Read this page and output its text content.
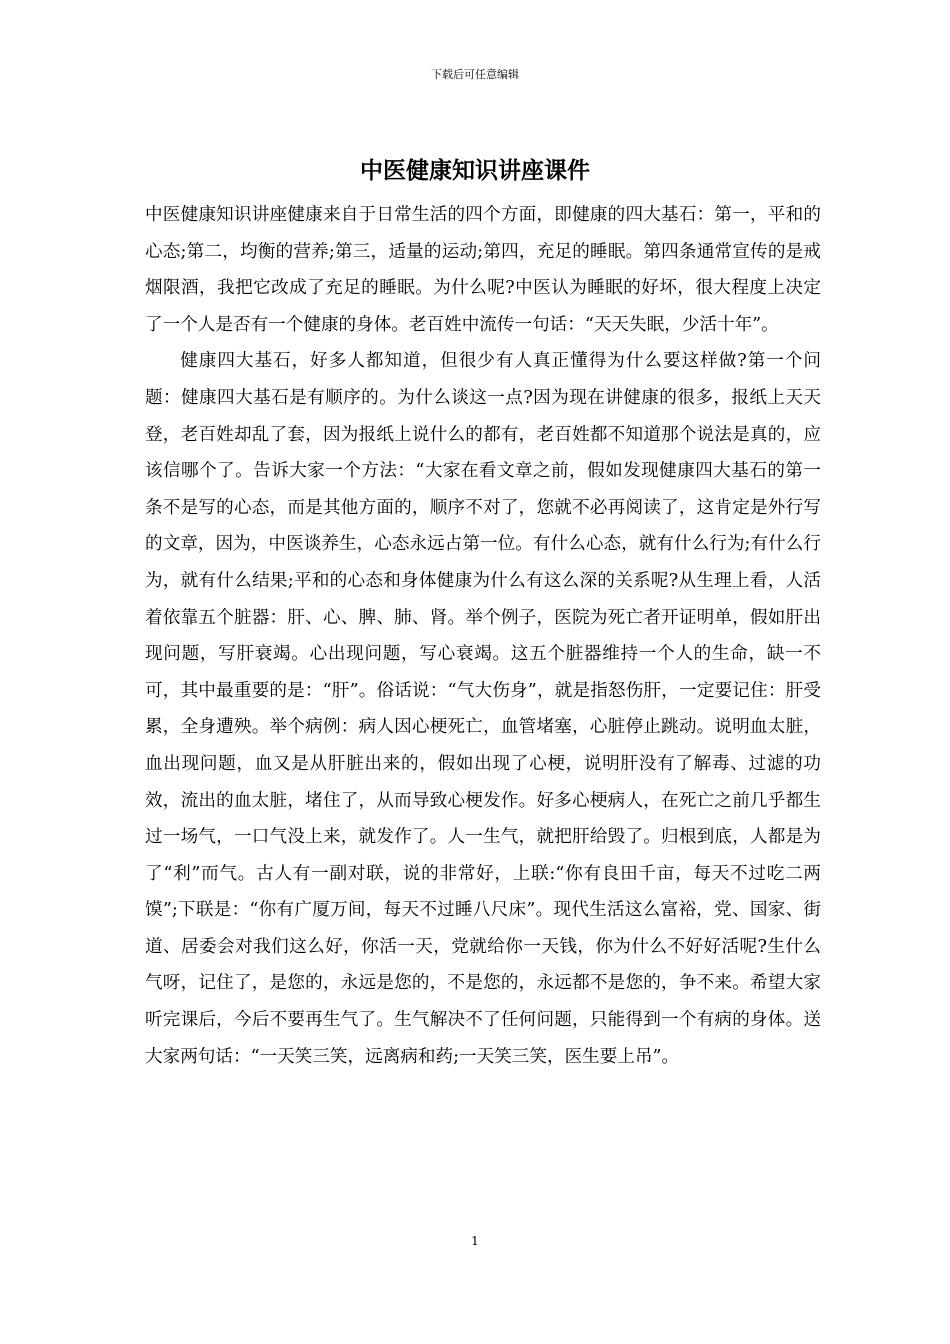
下载后可任意编辑
中医健康知识讲座课件

中医健康知识讲座健康来自于日常生活的四个方面，即健康的四大基石：第一，平和的心态;第二，均衡的营养;第三，适量的运动;第四，充足的睡眠。第四条通常宣传的是戒烟限酒，我把它改成了充足的睡眠。为什么呢?中医认为睡眠的好坏，很大程度上决定了一个人是否有一个健康的身体。老百姓中流传一句话：“天天失眠，少活十年”。

健康四大基石，好多人都知道，但很少有人真正懂得为什么要这样做?第一个问题：健康四大基石是有顺序的。为什么谈这一点?因为现在讲健康的很多，报纸上天天登，老百姓却乱了套，因为报纸上说什么的都有，老百姓都不知道那个说法是真的，应该信哪个了。告诉大家一个方法：“大家在看文章之前，假如发现健康四大基石的第一条不是写的心态，而是其他方面的，顺序不对了，您就不必再阅读了，这肯定是外行写的文章，因为，中医谈养生，心态永远占第一位。有什么心态，就有什么行为;有什么行为，就有什么结果;平和的心态和身体健康为什么有这么深的关系呢?从生理上看，人活着依靠五个脏器：肝、心、脾、肺、肾。举个例子，医院为死亡者开证明单，假如肝出现问题，写肝衰竭。心出现问题，写心衰竭。这五个脏器维持一个人的生命，缺一不可，其中最重要的是：“肝”。俗话说：“气大伤身”，就是指怒伤肝，一定要记住：肝受累，全身遭殃。举个病例：病人因心梗死亡，血管堵塞，心脏停止跳动。说明血太脏，血出现问题，血又是从肝脏出来的，假如出现了心梗，说明肝没有了解毒、过滤的功效，流出的血太脏，堵住了，从而导致心梗发作。好多心梗病人，在死亡之前几乎都生过一场气，一口气没上来，就发作了。人一生气，就把肝给毁了。归根到底，人都是为了“利”而气。古人有一副对联，说的非常好，上联:“你有良田千亩，每天不过吃二两馍”;下联是：“你有广厦万间，每天不过睡八尺床”。现代生活这么富裕，党、国家、街道、居委会对我们这么好，你活一天，党就给你一天钱，你为什么不好好活呢?生什么气呀，记住了，是您的，永远是您的，不是您的，永远都不是您的，争不来。希望大家听完课后，今后不要再生气了。生气解决不了任何问题，只能得到一个有病的身体。送大家两句话：“一天笑三笑，远离病和药;一天笑三笑，医生要上吊”。

1
